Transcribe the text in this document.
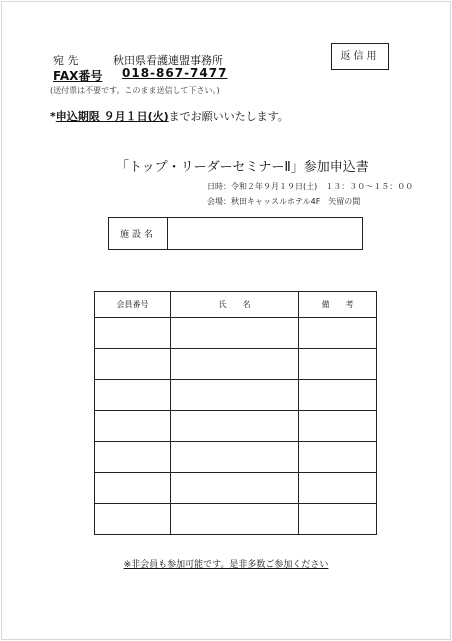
返信用
宛 先	秋田県看護連盟事務所
FAX番号 018-867-7477
(送付票は不要です。このまま送信して下さい。)
*申込期限 ９月１日(火)までお願いいたします。
「トップ・リーダーセミナーⅡ」参加申込書
日時：令和２年９月１９日(土)　１３：３０～１５：００
会場：秋田キャッスルホテル4F　矢留の間
施設名
会員番号	氏　　名	備　　考

※非会員も参加可能です。是非多数ご参加ください
